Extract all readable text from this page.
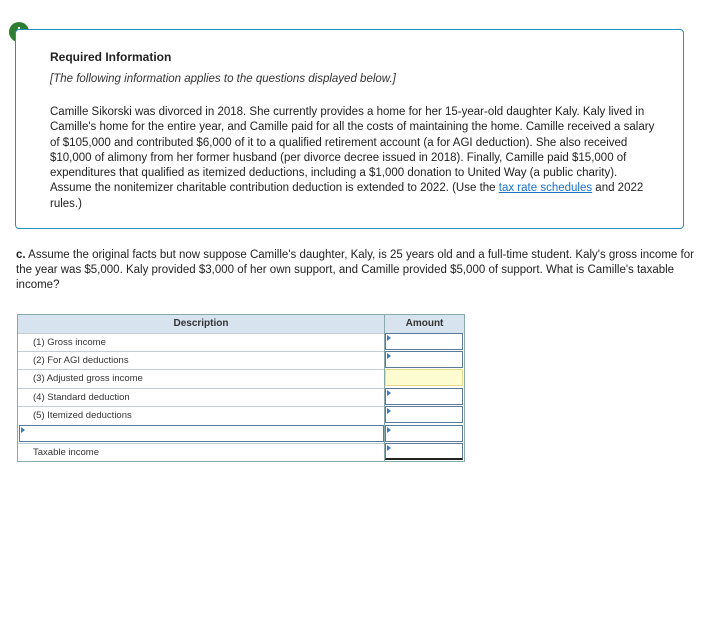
Required Information
[The following information applies to the questions displayed below.]
Camille Sikorski was divorced in 2018. She currently provides a home for her 15-year-old daughter Kaly. Kaly lived in Camille's home for the entire year, and Camille paid for all the costs of maintaining the home. Camille received a salary of $105,000 and contributed $6,000 of it to a qualified retirement account (a for AGI deduction). She also received $10,000 of alimony from her former husband (per divorce decree issued in 2018). Finally, Camille paid $15,000 of expenditures that qualified as itemized deductions, including a $1,000 donation to United Way (a public charity). Assume the nonitemizer charitable contribution deduction is extended to 2022. (Use the tax rate schedules and 2022 rules.)
c. Assume the original facts but now suppose Camille's daughter, Kaly, is 25 years old and a full-time student. Kaly's gross income for the year was $5,000. Kaly provided $3,000 of her own support, and Camille provided $5,000 of support. What is Camille's taxable income?
Description	Amount
(1) Gross income
(2) For AGI deductions
(3) Adjusted gross income
(4) Standard deduction
(5) Itemized deductions
Taxable income
